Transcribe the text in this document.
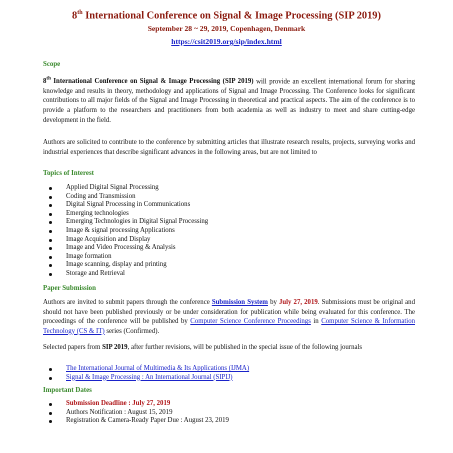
8th International Conference on Signal & Image Processing (SIP 2019)
September 28 ~ 29, 2019, Copenhagen, Denmark
https://csit2019.org/sip/index.html
Scope

8th International Conference on Signal & Image Processing (SIP 2019) will provide an excellent international forum for sharing knowledge and results in theory, methodology and applications of Signal and Image Processing. The Conference looks for significant contributions to all major fields of the Signal and Image Processing in theoretical and practical aspects. The aim of the conference is to provide a platform to the researchers and practitioners from both academia as well as industry to meet and share cutting-edge development in the field.

Authors are solicited to contribute to the conference by submitting articles that illustrate research results, projects, surveying works and industrial experiences that describe significant advances in the following areas, but are not limited to

Topics of Interest
Applied Digital Signal Processing
Coding and Transmission
Digital Signal Processing in Communications
Emerging technologies
Emerging Technologies in Digital Signal Processing
Image & signal processing Applications
Image Acquisition and Display
Image and Video Processing & Analysis
Image formation
Image scanning, display and printing
Storage and Retrieval
Paper Submission

Authors are invited to submit papers through the conference Submission System by July 27, 2019. Submissions must be original and should not have been published previously or be under consideration for publication while being evaluated for this conference. The proceedings of the conference will be published by Computer Science Conference Proceedings in Computer Science & Information Technology (CS & IT) series (Confirmed).

Selected papers from SIP 2019, after further revisions, will be published in the special issue of the following journals

The International Journal of Multimedia & Its Applications (IJMA)
Signal & Image Processing : An International Journal (SIPIJ)
Important Dates
Submission Deadline : July 27, 2019
Authors Notification : August 15, 2019
Registration & Camera-Ready Paper Due : August 23, 2019
